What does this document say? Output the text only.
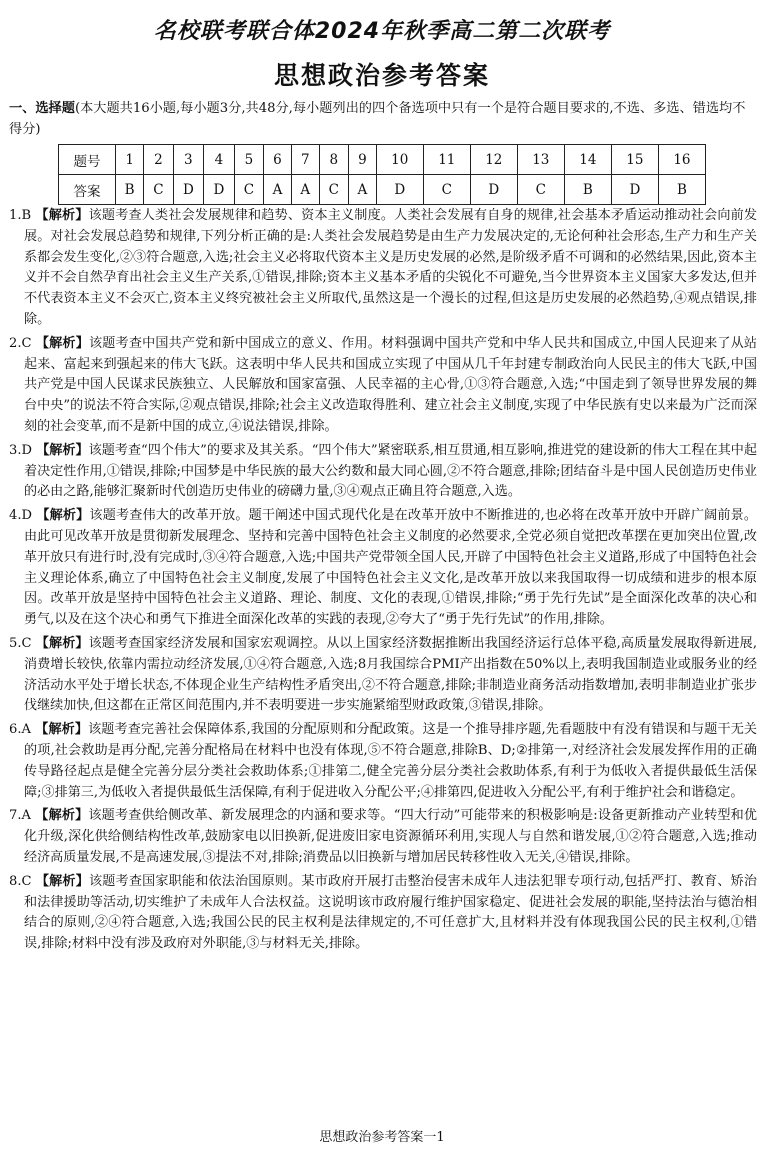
名校联考联合体2024年秋季高二第二次联考
思想政治参考答案
一、选择题(本大题共16小题,每小题3分,共48分,每小题列出的四个备选项中只有一个是符合题目要求的,不选、多选、错选均不得分)
题号	1	2	3	4	5	6	7	8	9	10	11	12	13	14	15	16
答案	B	C	D	D	C	A	A	C	A	D	C	D	C	B	D	B
1.B 【解析】该题考查人类社会发展规律和趋势、资本主义制度。人类社会发展有自身的规律,社会基本矛盾运动推动社会向前发展。对社会发展总趋势和规律,下列分析正确的是:人类社会发展趋势是由生产力发展决定的,无论何种社会形态,生产力和生产关系都会发生变化,②③符合题意,入选;社会主义必将取代资本主义是历史发展的必然,是阶级矛盾不可调和的必然结果,因此,资本主义并不会自然孕育出社会主义生产关系,①错误,排除;资本主义基本矛盾的尖锐化不可避免,当今世界资本主义国家大多发达,但并不代表资本主义不会灭亡,资本主义终究被社会主义所取代,虽然这是一个漫长的过程,但这是历史发展的必然趋势,④观点错误,排除。
2.C 【解析】该题考查中国共产党和新中国成立的意义、作用。材料强调中国共产党和中华人民共和国成立,中国人民迎来了从站起来、富起来到强起来的伟大飞跃。这表明中华人民共和国成立实现了中国从几千年封建专制政治向人民民主的伟大飞跃,中国共产党是中国人民谋求民族独立、人民解放和国家富强、人民幸福的主心骨,①③符合题意,入选;“中国走到了领导世界发展的舞台中央”的说法不符合实际,②观点错误,排除;社会主义改造取得胜利、建立社会主义制度,实现了中华民族有史以来最为广泛而深刻的社会变革,而不是新中国的成立,④说法错误,排除。
3.D 【解析】该题考查“四个伟大”的要求及其关系。“四个伟大”紧密联系,相互贯通,相互影响,推进党的建设新的伟大工程在其中起着决定性作用,①错误,排除;中国梦是中华民族的最大公约数和最大同心圆,②不符合题意,排除;团结奋斗是中国人民创造历史伟业的必由之路,能够汇聚新时代创造历史伟业的磅礴力量,③④观点正确且符合题意,入选。
4.D 【解析】该题考查伟大的改革开放。题干阐述中国式现代化是在改革开放中不断推进的,也必将在改革开放中开辟广阔前景。由此可见改革开放是贯彻新发展理念、坚持和完善中国特色社会主义制度的必然要求,全党必须自觉把改革摆在更加突出位置,改革开放只有进行时,没有完成时,③④符合题意,入选;中国共产党带领全国人民,开辟了中国特色社会主义道路,形成了中国特色社会主义理论体系,确立了中国特色社会主义制度,发展了中国特色社会主义文化,是改革开放以来我国取得一切成绩和进步的根本原因。改革开放是坚持中国特色社会主义道路、理论、制度、文化的表现,①错误,排除;“勇于先行先试”是全面深化改革的决心和勇气,以及在这个决心和勇气下推进全面深化改革的实践的表现,②夸大了“勇于先行先试”的作用,排除。
5.C 【解析】该题考查国家经济发展和国家宏观调控。从以上国家经济数据推断出我国经济运行总体平稳,高质量发展取得新进展,消费增长较快,依靠内需拉动经济发展,①④符合题意,入选;8月我国综合PMI产出指数在50%以上,表明我国制造业或服务业的经济活动水平处于增长状态,不体现企业生产结构性矛盾突出,②不符合题意,排除;非制造业商务活动指数增加,表明非制造业扩张步伐继续加快,但这都在正常区间范围内,并不表明要进一步实施紧缩型财政政策,③错误,排除。
6.A 【解析】该题考查完善社会保障体系,我国的分配原则和分配政策。这是一个推导排序题,先看题肢中有没有错误和与题干无关的项,社会救助是再分配,完善分配格局在材料中也没有体现,⑤不符合题意,排除B、D;②排第一,对经济社会发展发挥作用的正确传导路径起点是健全完善分层分类社会救助体系;①排第二,健全完善分层分类社会救助体系,有利于为低收入者提供最低生活保障;③排第三,为低收入者提供最低生活保障,有利于促进收入分配公平;④排第四,促进收入分配公平,有利于维护社会和谐稳定。
7.A 【解析】该题考查供给侧改革、新发展理念的内涵和要求等。“四大行动”可能带来的积极影响是:设备更新推动产业转型和优化升级,深化供给侧结构性改革,鼓励家电以旧换新,促进废旧家电资源循环利用,实现人与自然和谐发展,①②符合题意,入选;推动经济高质量发展,不是高速发展,③提法不对,排除;消费品以旧换新与增加居民转移性收入无关,④错误,排除。
8.C 【解析】该题考查国家职能和依法治国原则。某市政府开展打击整治侵害未成年人违法犯罪专项行动,包括严打、教育、矫治和法律援助等活动,切实维护了未成年人合法权益。这说明该市政府履行维护国家稳定、促进社会发展的职能,坚持法治与德治相结合的原则,②④符合题意,入选;我国公民的民主权利是法律规定的,不可任意扩大,且材料并没有体现我国公民的民主权利,①错误,排除;材料中没有涉及政府对外职能,③与材料无关,排除。
思想政治参考答案一1
